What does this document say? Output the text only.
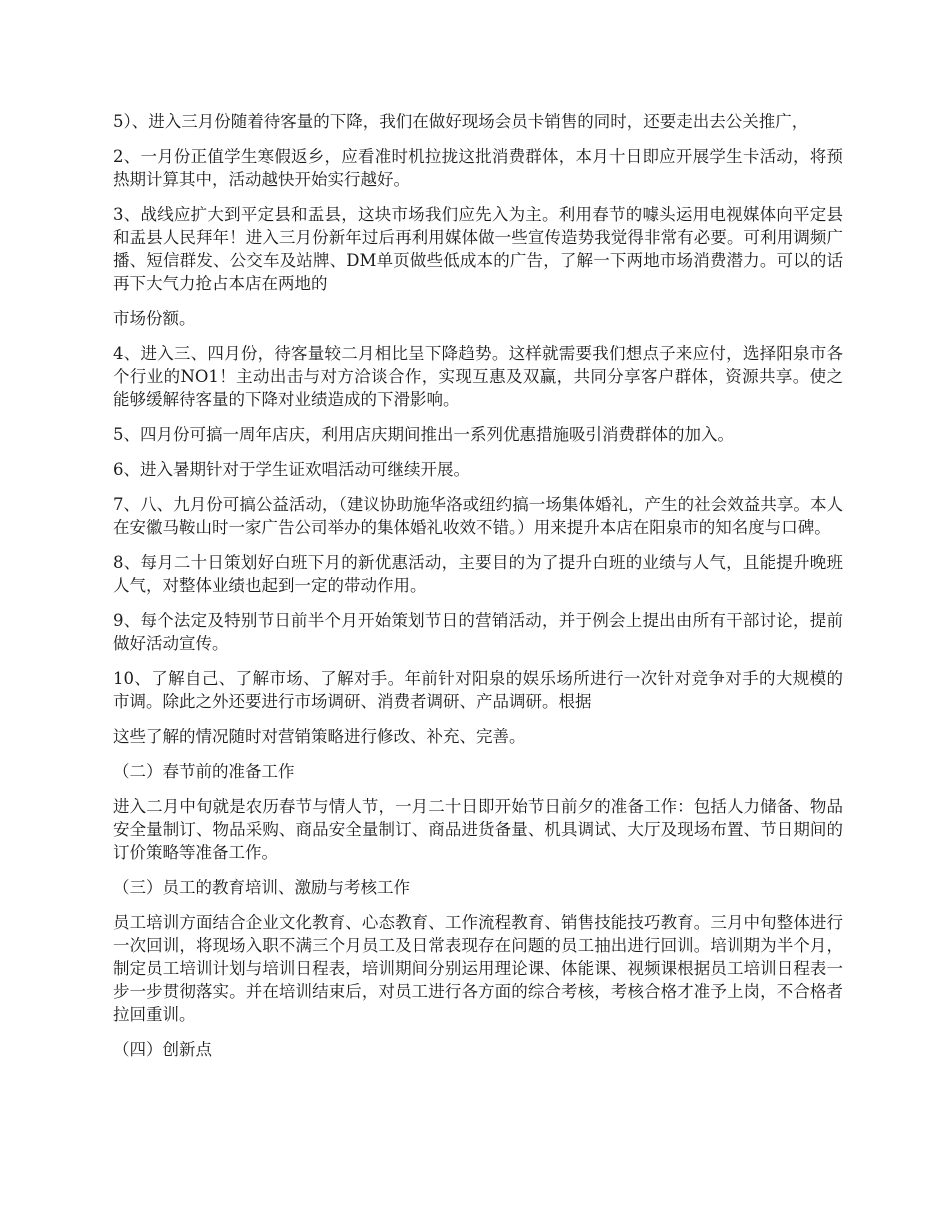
5）、进入三月份随着待客量的下降，我们在做好现场会员卡销售的同时，还要走出去公关推广，

2、一月份正值学生寒假返乡，应看准时机拉拢这批消费群体，本月十日即应开展学生卡活动，将预热期计算其中，活动越快开始实行越好。

3、战线应扩大到平定县和盂县，这块市场我们应先入为主。利用春节的噱头运用电视媒体向平定县和盂县人民拜年！进入三月份新年过后再利用媒体做一些宣传造势我觉得非常有必要。可利用调频广播、短信群发、公交车及站牌、DM单页做些低成本的广告，了解一下两地市场消费潜力。可以的话再下大气力抢占本店在两地的

市场份额。

4、进入三、四月份，待客量较二月相比呈下降趋势。这样就需要我们想点子来应付，选择阳泉市各个行业的NO1！主动出击与对方洽谈合作，实现互惠及双赢，共同分享客户群体，资源共享。使之能够缓解待客量的下降对业绩造成的下滑影响。

5、四月份可搞一周年店庆，利用店庆期间推出一系列优惠措施吸引消费群体的加入。

6、进入暑期针对于学生证欢唱活动可继续开展。

7、八、九月份可搞公益活动，（建议协助施华洛或纽约搞一场集体婚礼，产生的社会效益共享。本人在安徽马鞍山时一家广告公司举办的集体婚礼收效不错。）用来提升本店在阳泉市的知名度与口碑。

8、每月二十日策划好白班下月的新优惠活动，主要目的为了提升白班的业绩与人气，且能提升晚班人气，对整体业绩也起到一定的带动作用。

9、每个法定及特别节日前半个月开始策划节日的营销活动，并于例会上提出由所有干部讨论，提前做好活动宣传。

10、了解自己、了解市场、了解对手。年前针对阳泉的娱乐场所进行一次针对竞争对手的大规模的市调。除此之外还要进行市场调研、消费者调研、产品调研。根据

这些了解的情况随时对营销策略进行修改、补充、完善。

（二）春节前的准备工作

进入二月中旬就是农历春节与情人节，一月二十日即开始节日前夕的准备工作：包括人力储备、物品安全量制订、物品采购、商品安全量制订、商品进货备量、机具调试、大厅及现场布置、节日期间的订价策略等准备工作。

（三）员工的教育培训、激励与考核工作

员工培训方面结合企业文化教育、心态教育、工作流程教育、销售技能技巧教育。三月中旬整体进行一次回训，将现场入职不满三个月员工及日常表现存在问题的员工抽出进行回训。培训期为半个月，制定员工培训计划与培训日程表，培训期间分别运用理论课、体能课、视频课根据员工培训日程表一步一步贯彻落实。并在培训结束后，对员工进行各方面的综合考核，考核合格才准予上岗，不合格者拉回重训。

（四）创新点
